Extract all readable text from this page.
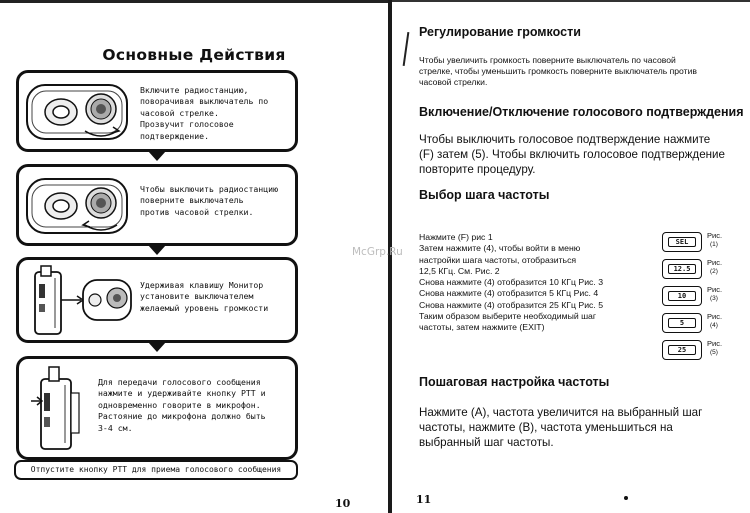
Основные Действия
Включите радиостанцию,
поворачивая выключатель по
часовой стрелке.
Прозвучит голосовое
подтверждение.
Чтобы выключить радиостанцию
поверните выключатель
против часовой стрелки.
Удерживая клавишу Монитор
установите выключателем
желаемый уровень громкости
Для передачи голосового сообщения
нажмите и удерживайте кнопку PTT и
одновременно говорите в микрофон.
Растояние до микрофона должно быть
3-4 см.
Отпустите кнопку PTT для приема голосового сообщения
10
Регулирование громкости
Чтобы увеличить громкость поверните выключатель по часовой
стрелке, чтобы уменьшить громкость поверните выключатель против
часовой стрелки.
Включение/Отключение голосового подтверждения
Чтобы выключить голосовое подтверждение нажмите
(F) затем (5). Чтобы включить голосовое подтверждение
повторите процедуру.
Выбор шага частоты
Нажмите (F) рис 1
Затем нажмите (4), чтобы войти в меню
настройки шага частоты, отобразиться
12,5 КГц. См. Рис. 2
Снова нажмите (4) отобразится 10 КГц Рис. 3
Снова нажмите (4) отобразится 5 КГц Рис. 4
Снова нажмите (4) отобразится 25 КГц Рис. 5
Таким образом выберите необходимый шаг
частоты, затем нажмите (EXIT)
SEL
Рис.
(1)
12.5
Рис.
(2)
10
Рис.
(3)
5
Рис.
(4)
25
Рис.
(5)
Пошаговая настройка частоты
Нажмите (А), частота увеличится на выбранный шаг
частоты, нажмите (В), частота уменьшиться на
выбранный шаг частоты.
11
McGrp.Ru
